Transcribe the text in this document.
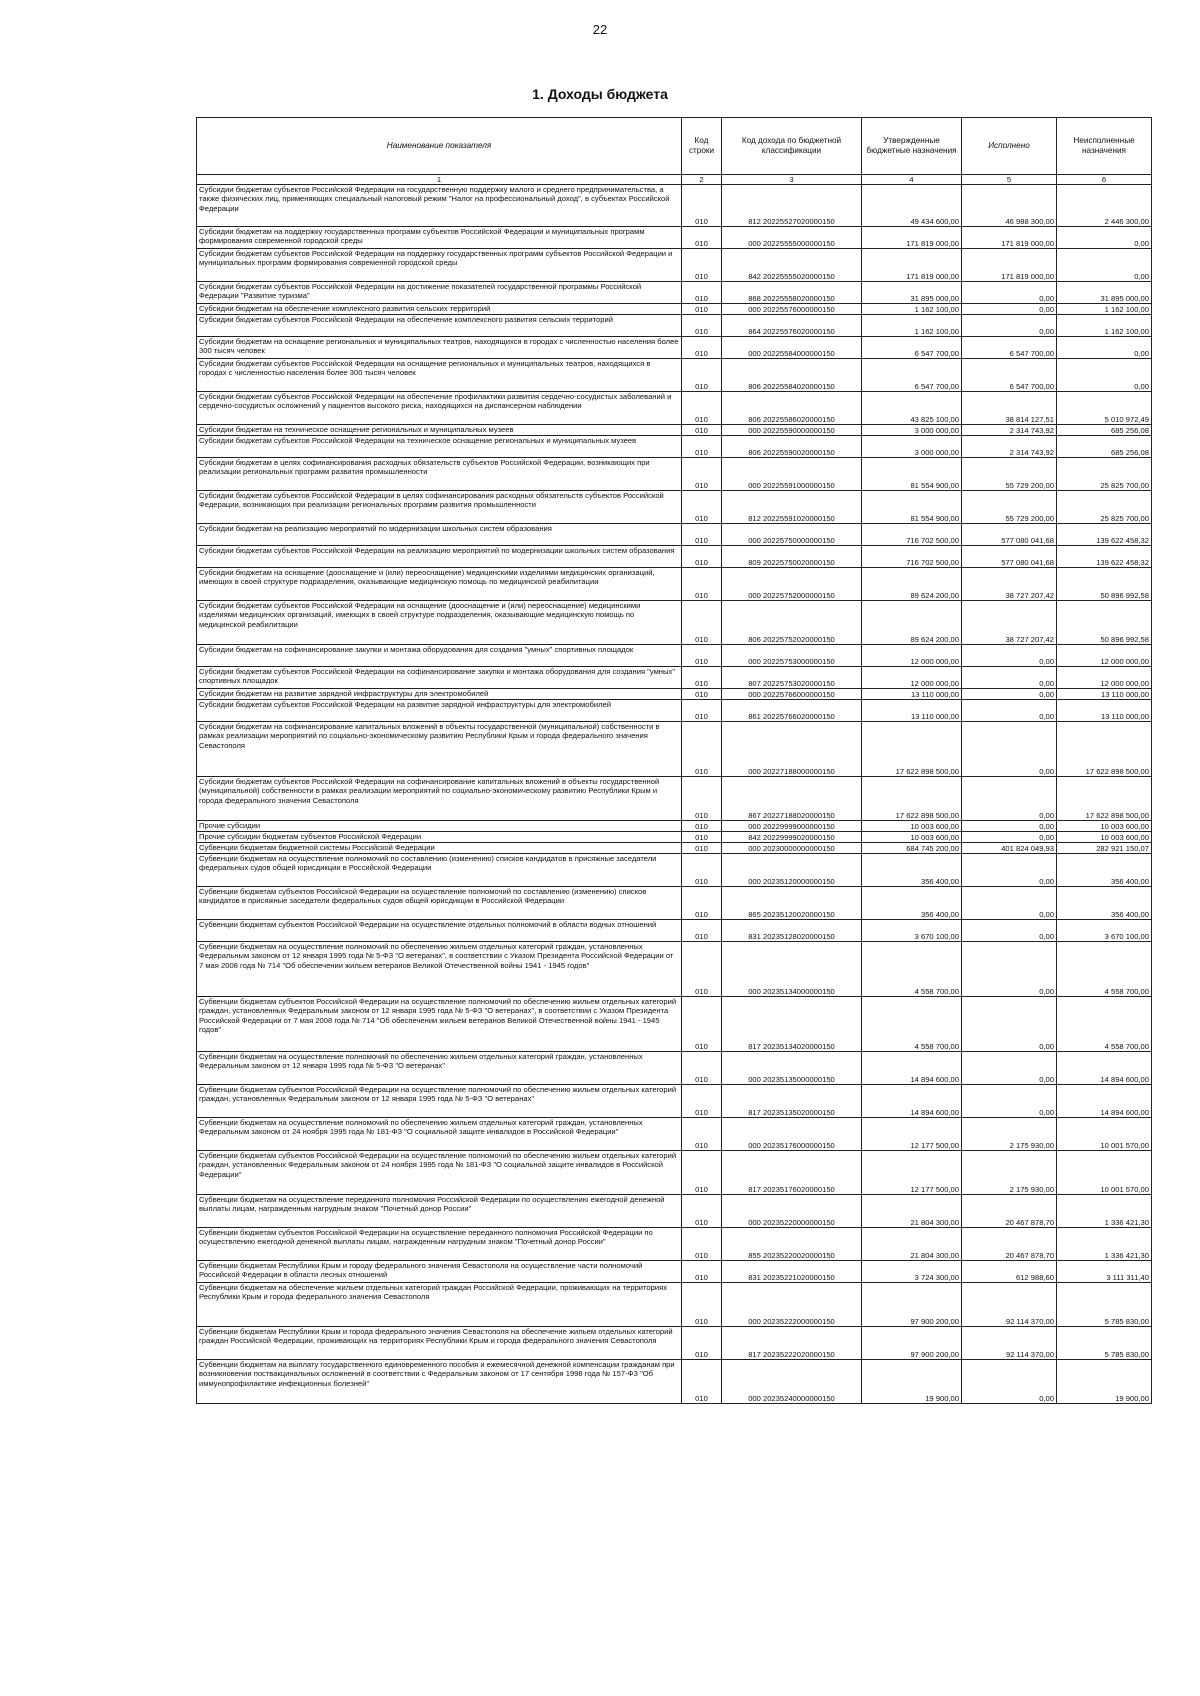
22
1. Доходы бюджета
Наименование показателя	Код строки	Код дохода по бюджетной классификации	Утвержденные бюджетные назначения	Исполнено	Неисполненные назначения
1	2	3	4	5	6
Субсидии бюджетам субъектов Российской Федерации на государственную поддержку малого и среднего предпринимательства, а также физических лиц, применяющих специальный налоговый режим "Налог на профессиональный доход", в субъектах Российской Федерации	010	812 20225527020000150	49 434 600,00	46 988 300,00	2 446 300,00
Субсидии бюджетам на поддержку государственных программ субъектов Российской Федерации и муниципальных программ формирования современной городской среды	010	000 20225555000000150	171 819 000,00	171 819 000,00	0,00
Субсидии бюджетам субъектов Российской Федерации на поддержку государственных программ субъектов Российской Федерации и муниципальных программ формирования современной городской среды	010	842 20225555020000150	171 819 000,00	171 819 000,00	0,00
Субсидии бюджетам субъектов Российской Федерации на достижение показателей государственной программы Российской Федерации "Развитие туризма"	010	868 20225558020000150	31 895 000,00	0,00	31 895 000,00
Субсидии бюджетам на обеспечение комплексного развития сельских территорий	010	000 20225576000000150	1 162 100,00	0,00	1 162 100,00
Субсидии бюджетам субъектов Российской Федерации на обеспечение комплексного развития сельских территорий	010	864 20225576020000150	1 162 100,00	0,00	1 162 100,00
Субсидии бюджетам на оснащение региональных и муниципальных театров, находящихся в городах с численностью населения более 300 тысяч человек	010	000 20225584000000150	6 547 700,00	6 547 700,00	0,00
Субсидии бюджетам субъектов Российской Федерации на оснащение региональных и муниципальных театров, находящихся в городах с численностью населения более 300 тысяч человек	010	806 20225584020000150	6 547 700,00	6 547 700,00	0,00
Субсидии бюджетам субъектов Российской Федерации на обеспечение профилактики развития сердечно-сосудистых заболеваний и сердечно-сосудистых осложнений у пациентов высокого риска, находящихся на диспансерном наблюдении	010	806 20225586020000150	43 825 100,00	38 814 127,51	5 010 972,49
Субсидии бюджетам на техническое оснащение региональных и муниципальных музеев	010	000 20225590000000150	3 000 000,00	2 314 743,92	685 256,08
Субсидии бюджетам субъектов Российской Федерации на техническое оснащение региональных и муниципальных музеев	010	806 20225590020000150	3 000 000,00	2 314 743,92	685 256,08
Субсидии бюджетам в целях софинансирования расходных обязательств субъектов Российской Федерации, возникающих при реализации региональных программ развития промышленности	010	000 20225591000000150	81 554 900,00	55 729 200,00	25 825 700,00
Субсидии бюджетам субъектов Российской Федерации в целях софинансирования расходных обязательств субъектов Российской Федерации, возникающих при реализации региональных программ развития промышленности	010	812 20225591020000150	81 554 900,00	55 729 200,00	25 825 700,00
Субсидии бюджетам на реализацию мероприятий по модернизации школьных систем образования	010	000 20225750000000150	716 702 500,00	577 080 041,68	139 622 458,32
Субсидии бюджетам субъектов Российской Федерации на реализацию мероприятий по модернизации школьных систем образования	010	809 20225750020000150	716 702 500,00	577 080 041,68	139 622 458,32
Субсидии бюджетам на оснащение (дооснащение и (или) переоснащение) медицинскими изделиями медицинских организаций, имеющих в своей структуре подразделения, оказывающие медицинскую помощь по медицинской реабилитации	010	000 20225752000000150	89 624 200,00	38 727 207,42	50 896 992,58
Субсидии бюджетам субъектов Российской Федерации на оснащение (дооснащение и (или) переоснащение) медицинскими изделиями медицинских организаций, имеющих в своей структуре подразделения, оказывающие медицинскую помощь по медицинской реабилитации	010	806 20225752020000150	89 624 200,00	38 727 207,42	50 896 992,58
Субсидии бюджетам на софинансирование закупки и монтажа оборудования для создания "умных" спортивных площадок	010	000 20225753000000150	12 000 000,00	0,00	12 000 000,00
Субсидии бюджетам субъектов Российской Федерации на софинансирование закупки и монтажа оборудования для создания "умных" спортивных площадок	010	807 20225753020000150	12 000 000,00	0,00	12 000 000,00
Субсидии бюджетам на развитие зарядной инфраструктуры для электромобилей	010	000 20225766000000150	13 110 000,00	0,00	13 110 000,00
Субсидии бюджетам субъектов Российской Федерации на развитие зарядной инфраструктуры для электромобилей	010	861 20225766020000150	13 110 000,00	0,00	13 110 000,00
Субсидии бюджетам на софинансирование капитальных вложений в объекты государственной (муниципальной) собственности в рамках реализации мероприятий по социально-экономическому развитию Республики Крым и города федерального значения Севастополя	010	000 20227188000000150	17 622 898 500,00	0,00	17 622 898 500,00
Субсидии бюджетам субъектов Российской Федерации на софинансирование капитальных вложений в объекты государственной (муниципальной) собственности в рамках реализации мероприятий по социально-экономическому развитию Республики Крым и города федерального значения Севастополя	010	867 20227188020000150	17 622 898 500,00	0,00	17 622 898 500,00
Прочие субсидии	010	000 20229999000000150	10 003 600,00	0,00	10 003 600,00
Прочие субсидии бюджетам субъектов Российской Федерации	010	842 20229999020000150	10 003 600,00	0,00	10 003 600,00
Субвенции бюджетам бюджетной системы Российской Федерации	010	000 20230000000000150	684 745 200,00	401 824 049,93	282 921 150,07
Субвенции бюджетам на осуществление полномочий по составлению (изменению) списков кандидатов в присяжные заседатели федеральных судов общей юрисдикции в Российской Федерации	010	000 20235120000000150	356 400,00	0,00	356 400,00
Субвенции бюджетам субъектов Российской Федерации на осуществление полномочий по составлению (изменению) списков кандидатов в присяжные заседатели федеральных судов общей юрисдикции в Российской Федерации	010	865 20235120020000150	356 400,00	0,00	356 400,00
Субвенции бюджетам субъектов Российской Федерации на осуществление отдельных полномочий в области водных отношений	010	831 20235128020000150	3 670 100,00	0,00	3 670 100,00
Субвенции бюджетам на осуществление полномочий по обеспечению жильем отдельных категорий граждан, установленных Федеральным законом от 12 января 1995 года № 5-ФЗ "О ветеранах", в соответствии с Указом Президента Российской Федерации от 7 мая 2008 года № 714 "Об обеспечении жильем ветеранов Великой Отечественной войны 1941 - 1945 годов"	010	000 20235134000000150	4 558 700,00	0,00	4 558 700,00
Субвенции бюджетам субъектов Российской Федерации на осуществление полномочий по обеспечению жильем отдельных категорий граждан, установленных Федеральным законом от 12 января 1995 года № 5-ФЗ "О ветеранах", в соответствии с Указом Президента Российской Федерации от 7 мая 2008 года № 714 "Об обеспечении жильем ветеранов Великой Отечественной войны 1941 - 1945 годов"	010	817 20235134020000150	4 558 700,00	0,00	4 558 700,00
Субвенции бюджетам на осуществление полномочий по обеспечению жильем отдельных категорий граждан, установленных Федеральным законом от 12 января 1995 года № 5-ФЗ "О ветеранах"	010	000 20235135000000150	14 894 600,00	0,00	14 894 600,00
Субвенции бюджетам субъектов Российской Федерации на осуществление полномочий по обеспечению жильем отдельных категорий граждан, установленных Федеральным законом от 12 января 1995 года № 5-ФЗ "О ветеранах"	010	817 20235135020000150	14 894 600,00	0,00	14 894 600,00
Субвенции бюджетам на осуществление полномочий по обеспечению жильем отдельных категорий граждан, установленных Федеральным законом от 24 ноября 1995 года № 181-ФЗ "О социальной защите инвалидов в Российской Федерации"	010	000 20235176000000150	12 177 500,00	2 175 930,00	10 001 570,00
Субвенции бюджетам субъектов Российской Федерации на осуществление полномочий по обеспечению жильем отдельных категорий граждан, установленных Федеральным законом от 24 ноября 1995 года № 181-ФЗ "О социальной защите инвалидов в Российской Федерации"	010	817 20235176020000150	12 177 500,00	2 175 930,00	10 001 570,00
Субвенции бюджетам на осуществление переданного полномочия Российской Федерации по осуществлению ежегодной денежной выплаты лицам, награжденным нагрудным знаком "Почетный донор России"	010	000 20235220000000150	21 804 300,00	20 467 878,70	1 336 421,30
Субвенции бюджетам субъектов Российской Федерации на осуществление переданного полномочия Российской Федерации по осуществлению ежегодной денежной выплаты лицам, награжденным нагрудным знаком "Почетный донор России"	010	855 20235220020000150	21 804 300,00	20 467 878,70	1 336 421,30
Субвенции бюджетам Республики Крым и городу федерального значения Севастополя на осуществление части полномочий Российской Федерации в области лесных отношений	010	831 20235221020000150	3 724 300,00	612 988,60	3 111 311,40
Субвенции бюджетам на обеспечение жильем отдельных категорий граждан Российской Федерации, проживающих на территориях Республики Крым и города федерального значения Севастополя	010	000 20235222000000150	97 900 200,00	92 114 370,00	5 785 830,00
Субвенции бюджетам Республики Крым и города федерального значения Севастополя на обеспечение жильем отдельных категорий граждан Российской Федерации, проживающих на территориях Республики Крым и города федерального значения Севастополя	010	817 20235222020000150	97 900 200,00	92 114 370,00	5 785 830,00
Субвенции бюджетам на выплату государственного единовременного пособия и ежемесячной денежной компенсации гражданам при возникновении поствакцинальных осложнений в соответствии с Федеральным законом от 17 сентября 1998 года № 157-ФЗ "Об иммунопрофилактике инфекционных болезней"	010	000 20235240000000150	19 900,00	0,00	19 900,00
